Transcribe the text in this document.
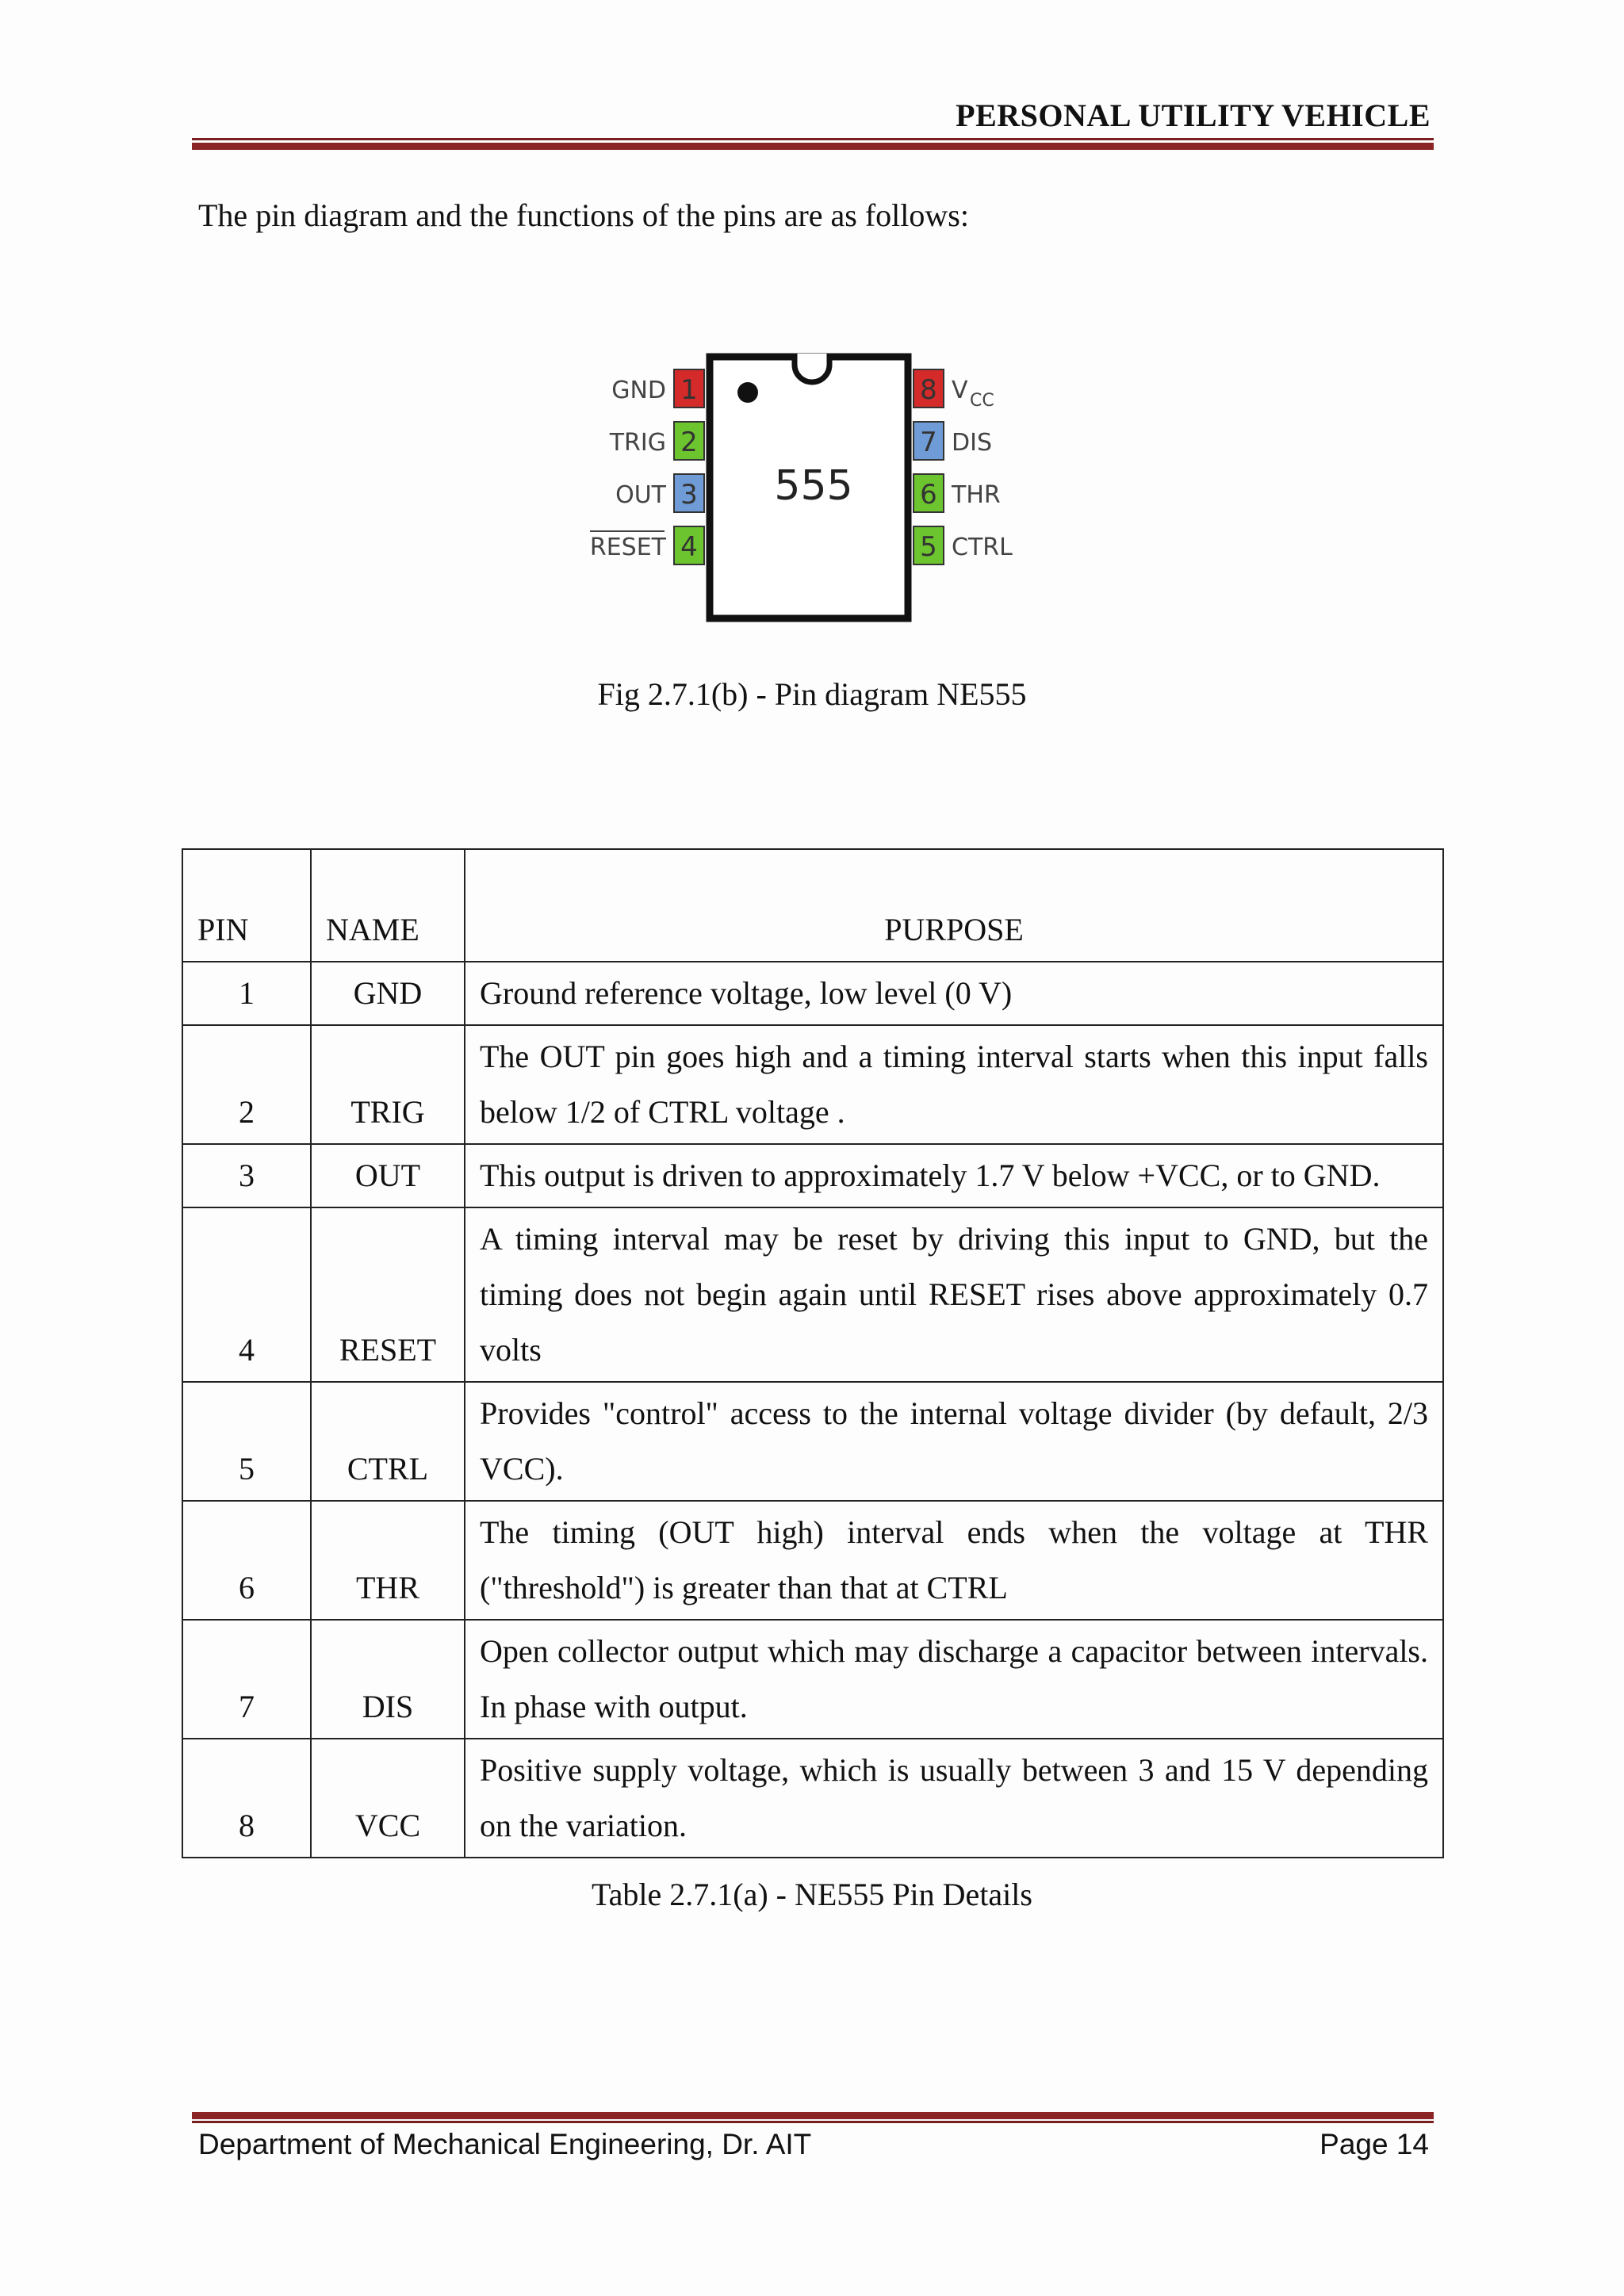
PERSONAL UTILITY VEHICLE
The pin diagram and the functions of the pins are as follows:
555
1
GND
2
TRIG
3
OUT
4
RESET
8 V CC
7 DIS
6 THR
5 CTRL
Fig 2.7.1(b) - Pin diagram NE555
PIN	NAME	PURPOSE
1	GND	Ground reference voltage, low level (0 V)
2	TRIG	The OUT pin goes high and a timing interval starts when this input falls below 1/2 of CTRL voltage .
3	OUT	This output is driven to approximately 1.7 V below +VCC, or to GND.
4	RESET	A timing interval may be reset by driving this input to GND, but the timing does not begin again until RESET rises above approximately 0.7 volts
5	CTRL	Provides "control" access to the internal voltage divider (by default, 2/3 VCC).
6	THR	The timing (OUT high) interval ends when the voltage at THR ("threshold") is greater than that at CTRL
7	DIS	Open collector output which may discharge a capacitor between intervals. In phase with output.
8	VCC	Positive supply voltage, which is usually between 3 and 15 V depending on the variation.
Table 2.7.1(a) - NE555 Pin Details
Department of Mechanical Engineering, Dr. AIT	Page 14
